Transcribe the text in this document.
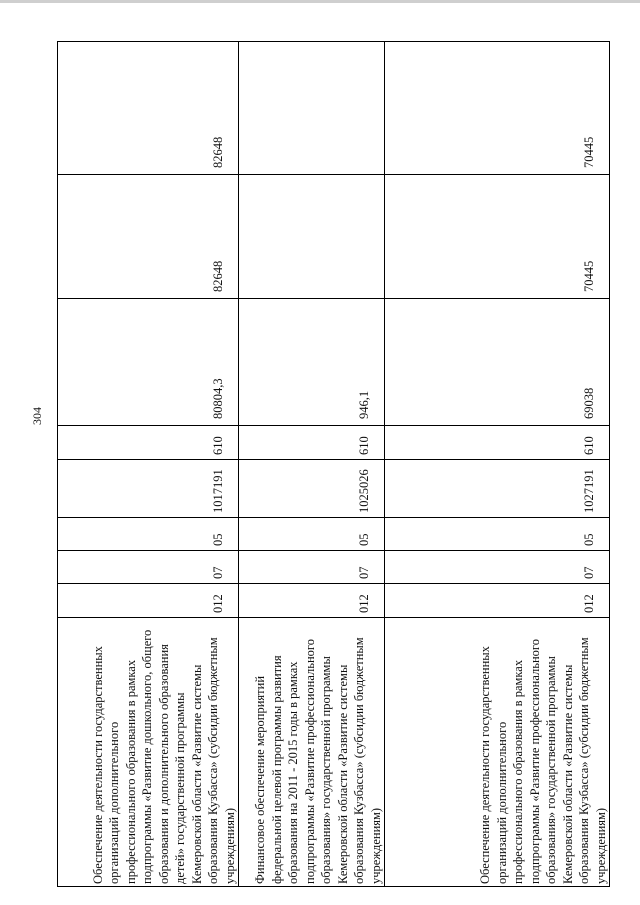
304
Обеспечение деятельности государственных организаций дополнительного профессионального образования в рамках подпрограммы «Развитие дошкольного, общего образования и дополнительного образования детей» государственной программы Кемеровской области «Развитие системы образования Кузбасса» (субсидии бюджетным учреждениям)	012	07	05	1017191	610	80804,3	82648	82648
Финансовое обеспечение мероприятий федеральной целевой программы развития образования на 2011 - 2015 годы в рамках подпрограммы «Развитие профессионального образования» государственной программы Кемеровской области «Развитие системы образования Кузбасса» (субсидии бюджетным учреждениям)	012	07	05	1025026	610	946,1		
Обеспечение деятельности государственных организаций дополнительного профессионального образования в рамках подпрограммы «Развитие профессионального образования» государственной программы Кемеровской области «Развитие системы образования Кузбасса» (субсидии бюджетным учреждениям)	012	07	05	1027191	610	69038	70445	70445
